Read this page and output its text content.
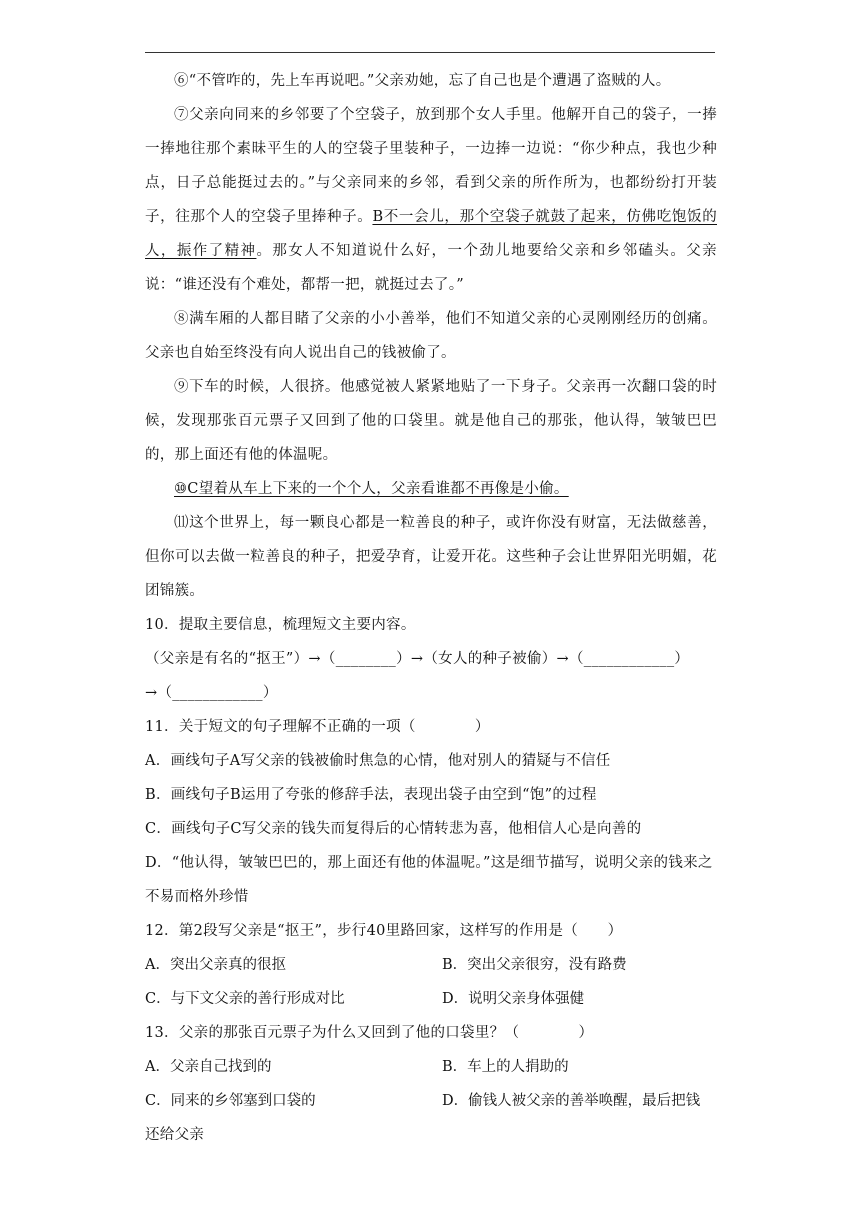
⑥“不管咋的，先上车再说吧。”父亲劝她，忘了自己也是个遭遇了盗贼的人。

⑦父亲向同来的乡邻要了个空袋子，放到那个女人手里。他解开自己的袋子，一捧一捧地往那个素昧平生的人的空袋子里装种子，一边捧一边说：“你少种点，我也少种点，日子总能挺过去的。”与父亲同来的乡邻，看到父亲的所作所为，也都纷纷打开装子，往那个人的空袋子里捧种子。B不一会儿，那个空袋子就鼓了起来，仿佛吃饱饭的人，振作了精神。那女人不知道说什么好，一个劲儿地要给父亲和乡邻磕头。父亲说：“谁还没有个难处，都帮一把，就挺过去了。”

⑧满车厢的人都目睹了父亲的小小善举，他们不知道父亲的心灵刚刚经历的创痛。父亲也自始至终没有向人说出自己的钱被偷了。

⑨下车的时候，人很挤。他感觉被人紧紧地贴了一下身子。父亲再一次翻口袋的时候，发现那张百元票子又回到了他的口袋里。就是他自己的那张，他认得，皱皱巴巴的，那上面还有他的体温呢。

⑩C望着从车上下来的一个个人，父亲看谁都不再像是小偷。

⑾这个世界上，每一颗良心都是一粒善良的种子，或许你没有财富，无法做慈善，但你可以去做一粒善良的种子，把爱孕育，让爱开花。这些种子会让世界阳光明媚，花团锦簇。

10．提取主要信息，梳理短文主要内容。

（父亲是有名的“抠王”）→（________）→（女人的种子被偷）→（____________）

→（____________）

11．关于短文的句子理解不正确的一项（　　　　）

A．画线句子A写父亲的钱被偷时焦急的心情，他对别人的猜疑与不信任

B．画线句子B运用了夸张的修辞手法，表现出袋子由空到“饱”的过程

C．画线句子C写父亲的钱失而复得后的心情转悲为喜，他相信人心是向善的

D．“他认得，皱皱巴巴的，那上面还有他的体温呢。”这是细节描写，说明父亲的钱来之不易而格外珍惜

12．第2段写父亲是“抠王”，步行40里路回家，这样写的作用是（　　）

A．突出父亲真的很抠	B．突出父亲很穷，没有路费
C．与下文父亲的善行形成对比	D．说明父亲身体强健

13．父亲的那张百元票子为什么又回到了他的口袋里？（　　　　）

A．父亲自己找到的	B．车上的人捐助的
C．同来的乡邻塞到口袋的	D．偷钱人被父亲的善举唤醒，最后把钱

还给父亲
